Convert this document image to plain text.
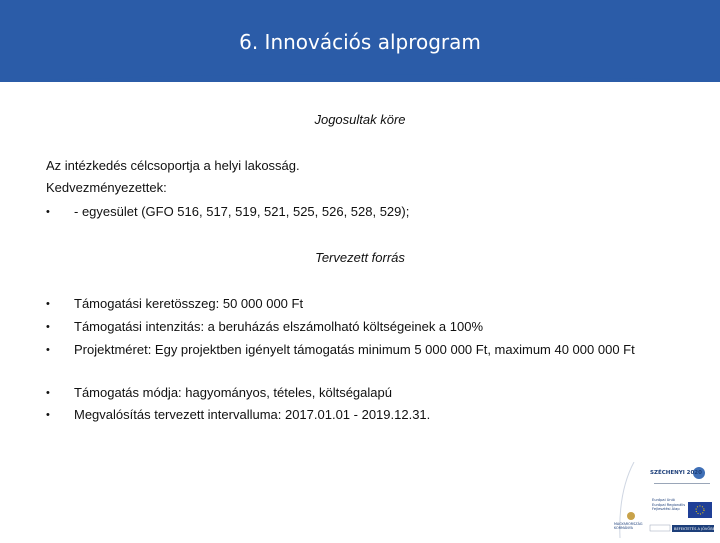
6. Innovációs alprogram
Jogosultak köre
Az intézkedés célcsoportja a helyi lakosság.
Kedvezményezettek:
• - egyesület (GFO 516, 517, 519, 521, 525, 526, 528, 529);
Tervezett forrás
• Támogatási keretösszeg: 50 000 000 Ft
• Támogatási intenzitás: a beruházás elszámolható költségeinek a 100%
• Projektméret: Egy projektben igényelt támogatás minimum 5 000 000 Ft, maximum 40 000 000 Ft
• Támogatás módja: hagyományos, tételes, költségalapú
• Megvalósítás tervezett intervalluma: 2017.01.01 - 2019.12.31.
SZÉCHENYI 2020
Európai Unió Európai Regionális Fejlesztési Alap
MAGYARORSZÁG KORMÁNYA	BEFEKTETÉS A JÖVŐBE
